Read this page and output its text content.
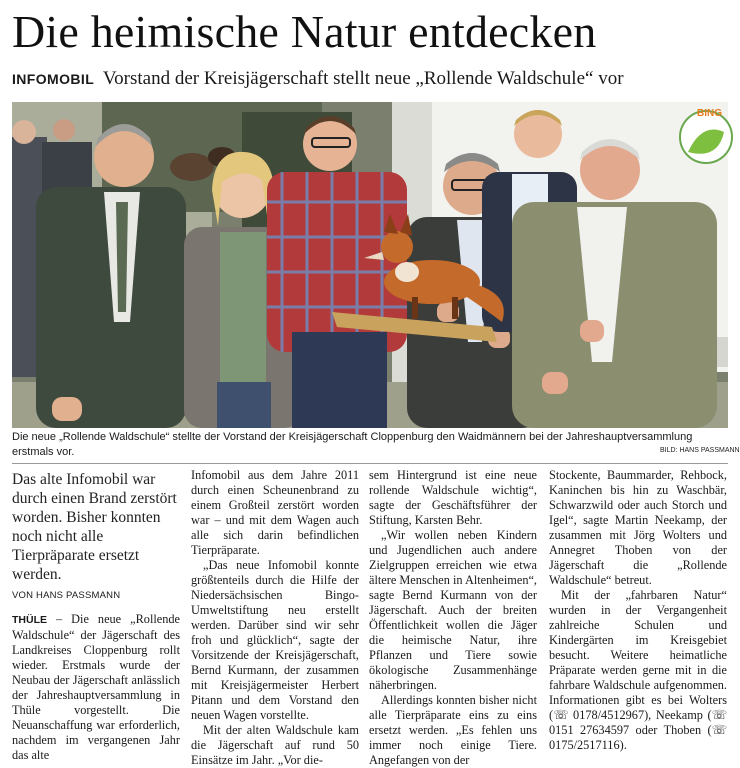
Die heimische Natur entdecken
INFOMOBIL Vorstand der Kreisjägerschaft stellt neue „Rollende Waldschule“ vor
BING
Die neue „Rollende Waldschule“ stellte der Vorstand der Kreisjägerschaft Cloppenburg den Waidmännern bei der Jahreshauptversammlung erstmals vor.	BILD: HANS PASSMANN
Das alte Infomobil war durch einen Brand zerstört worden. Bisher konnten noch nicht alle Tierpräparate ersetzt werden.
VON HANS PASSMANN

THÜLE – Die neue „Rollende Waldschule“ der Jägerschaft des Landkreises Cloppenburg rollt wieder. Erstmals wurde der Neubau der Jägerschaft anlässlich der Jahreshauptversammlung in Thüle vorgestellt. Die Neuanschaffung war erforderlich, nachdem im vergangenen Jahr das alte

Infomobil aus dem Jahre 2011 durch einen Scheunenbrand zu einem Großteil zerstört worden war – und mit dem Wagen auch alle sich darin befindlichen Tierpräparate.

„Das neue Infomobil konnte größtenteils durch die Hilfe der Niedersächsischen Bingo-Umweltstiftung neu erstellt werden. Darüber sind wir sehr froh und glücklich“, sagte der Vorsitzende der Kreisjägerschaft, Bernd Kurmann, der zusammen mit Kreisjägermeister Herbert Pitann und dem Vorstand den neuen Wagen vorstellte.

Mit der alten Waldschule kam die Jägerschaft auf rund 50 Einsätze im Jahr. „Vor die-

sem Hintergrund ist eine neue rollende Waldschule wichtig“, sagte der Geschäftsführer der Stiftung, Karsten Behr.

„Wir wollen neben Kindern und Jugendlichen auch andere Zielgruppen erreichen wie etwa ältere Menschen in Altenheimen“, sagte Bernd Kurmann von der Jägerschaft. Auch der breiten Öffentlichkeit wollen die Jäger die heimische Natur, ihre Pflanzen und Tiere sowie ökologische Zusammenhänge näherbringen.

Allerdings konnten bisher nicht alle Tierpräparate eins zu eins ersetzt werden. „Es fehlen uns immer noch einige Tiere. Angefangen von der

Stockente, Baummarder, Rehbock, Kaninchen bis hin zu Waschbär, Schwarzwild oder auch Storch und Igel“, sagte Martin Neekamp, der zusammen mit Jörg Wolters und Annegret Thoben von der Jägerschaft die „Rollende Waldschule“ betreut.

Mit der „fahrbaren Natur“ wurden in der Vergangenheit zahlreiche Schulen und Kindergärten im Kreisgebiet besucht. Weitere heimatliche Präparate werden gerne mit in die fahrbare Waldschule aufgenommen. Informationen gibt es bei Wolters (☏ 0178/4512967), Neekamp (☏ 0151 27634597 oder Thoben (☏ 0175/2517116).
